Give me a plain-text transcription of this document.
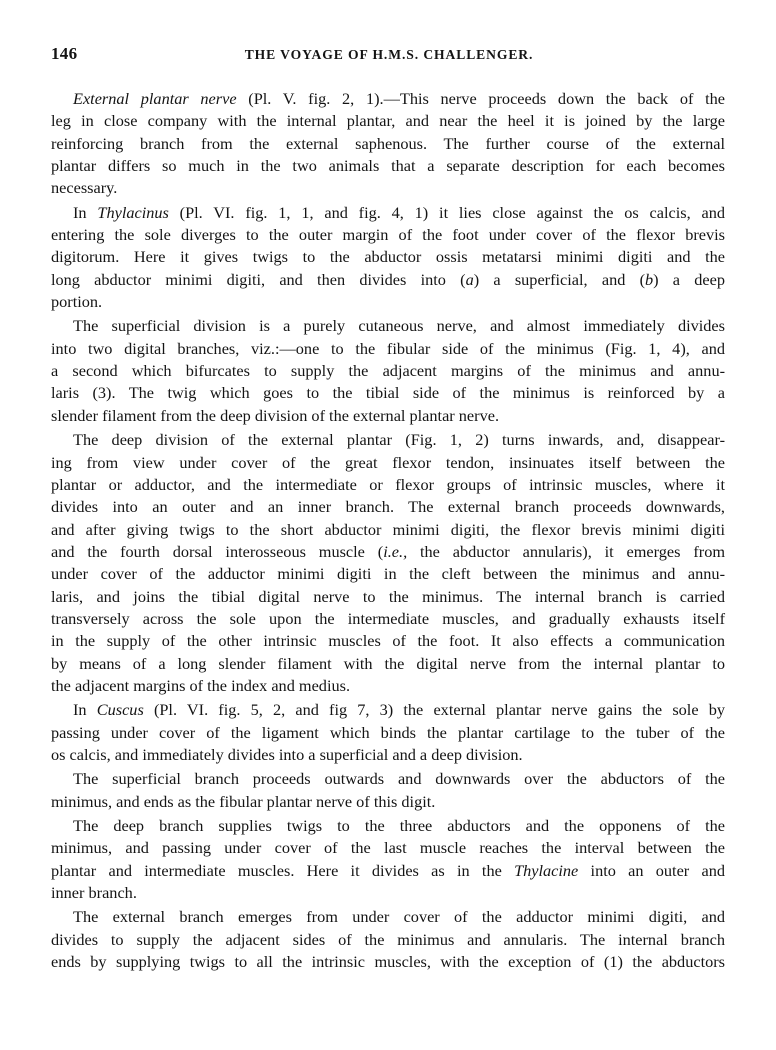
146	THE VOYAGE OF H.M.S. CHALLENGER.

External plantar nerve (Pl. V. fig. 2, 1).—This nerve proceeds down the back of the
leg in close company with the internal plantar, and near the heel it is joined by the large
reinforcing branch from the external saphenous. The further course of the external
plantar differs so much in the two animals that a separate description for each becomes
necessary.

In Thylacinus (Pl. VI. fig. 1, 1, and fig. 4, 1) it lies close against the os calcis, and
entering the sole diverges to the outer margin of the foot under cover of the flexor brevis
digitorum. Here it gives twigs to the abductor ossis metatarsi minimi digiti and the
long abductor minimi digiti, and then divides into (a) a superficial, and (b) a deep
portion.

The superficial division is a purely cutaneous nerve, and almost immediately divides
into two digital branches, viz.:—one to the fibular side of the minimus (Fig. 1, 4), and
a second which bifurcates to supply the adjacent margins of the minimus and annu-
laris (3). The twig which goes to the tibial side of the minimus is reinforced by a
slender filament from the deep division of the external plantar nerve.

The deep division of the external plantar (Fig. 1, 2) turns inwards, and, disappear-
ing from view under cover of the great flexor tendon, insinuates itself between the
plantar or adductor, and the intermediate or flexor groups of intrinsic muscles, where it
divides into an outer and an inner branch. The external branch proceeds downwards,
and after giving twigs to the short abductor minimi digiti, the flexor brevis minimi digiti
and the fourth dorsal interosseous muscle (i.e., the abductor annularis), it emerges from
under cover of the adductor minimi digiti in the cleft between the minimus and annu-
laris, and joins the tibial digital nerve to the minimus. The internal branch is carried
transversely across the sole upon the intermediate muscles, and gradually exhausts itself
in the supply of the other intrinsic muscles of the foot. It also effects a communication
by means of a long slender filament with the digital nerve from the internal plantar to
the adjacent margins of the index and medius.

In Cuscus (Pl. VI. fig. 5, 2, and fig 7, 3) the external plantar nerve gains the sole by
passing under cover of the ligament which binds the plantar cartilage to the tuber of the
os calcis, and immediately divides into a superficial and a deep division.

The superficial branch proceeds outwards and downwards over the abductors of the
minimus, and ends as the fibular plantar nerve of this digit.

The deep branch supplies twigs to the three abductors and the opponens of the
minimus, and passing under cover of the last muscle reaches the interval between the
plantar and intermediate muscles. Here it divides as in the Thylacine into an outer and
inner branch.

The external branch emerges from under cover of the adductor minimi digiti, and
divides to supply the adjacent sides of the minimus and annularis. The internal branch
ends by supplying twigs to all the intrinsic muscles, with the exception of (1) the abductors
